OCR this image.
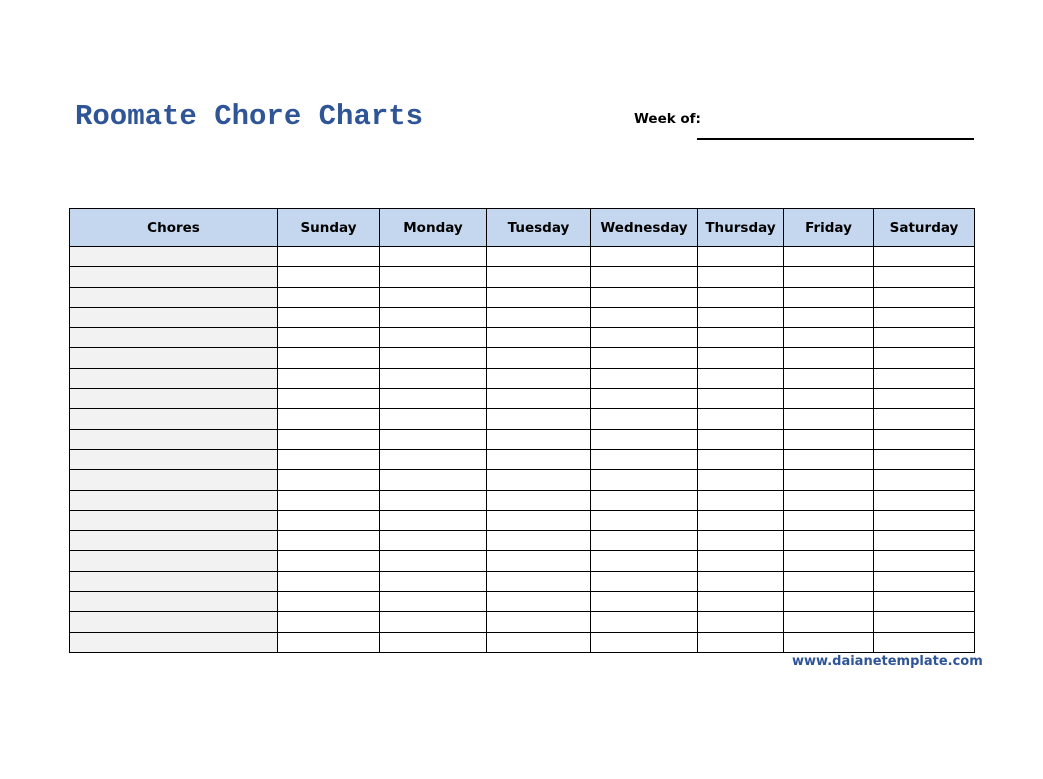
Roomate Chore Charts	Week of:
Chores	Sunday	Monday	Tuesday	Wednesday	Thursday	Friday	Saturday

www.daianetemplate.com
